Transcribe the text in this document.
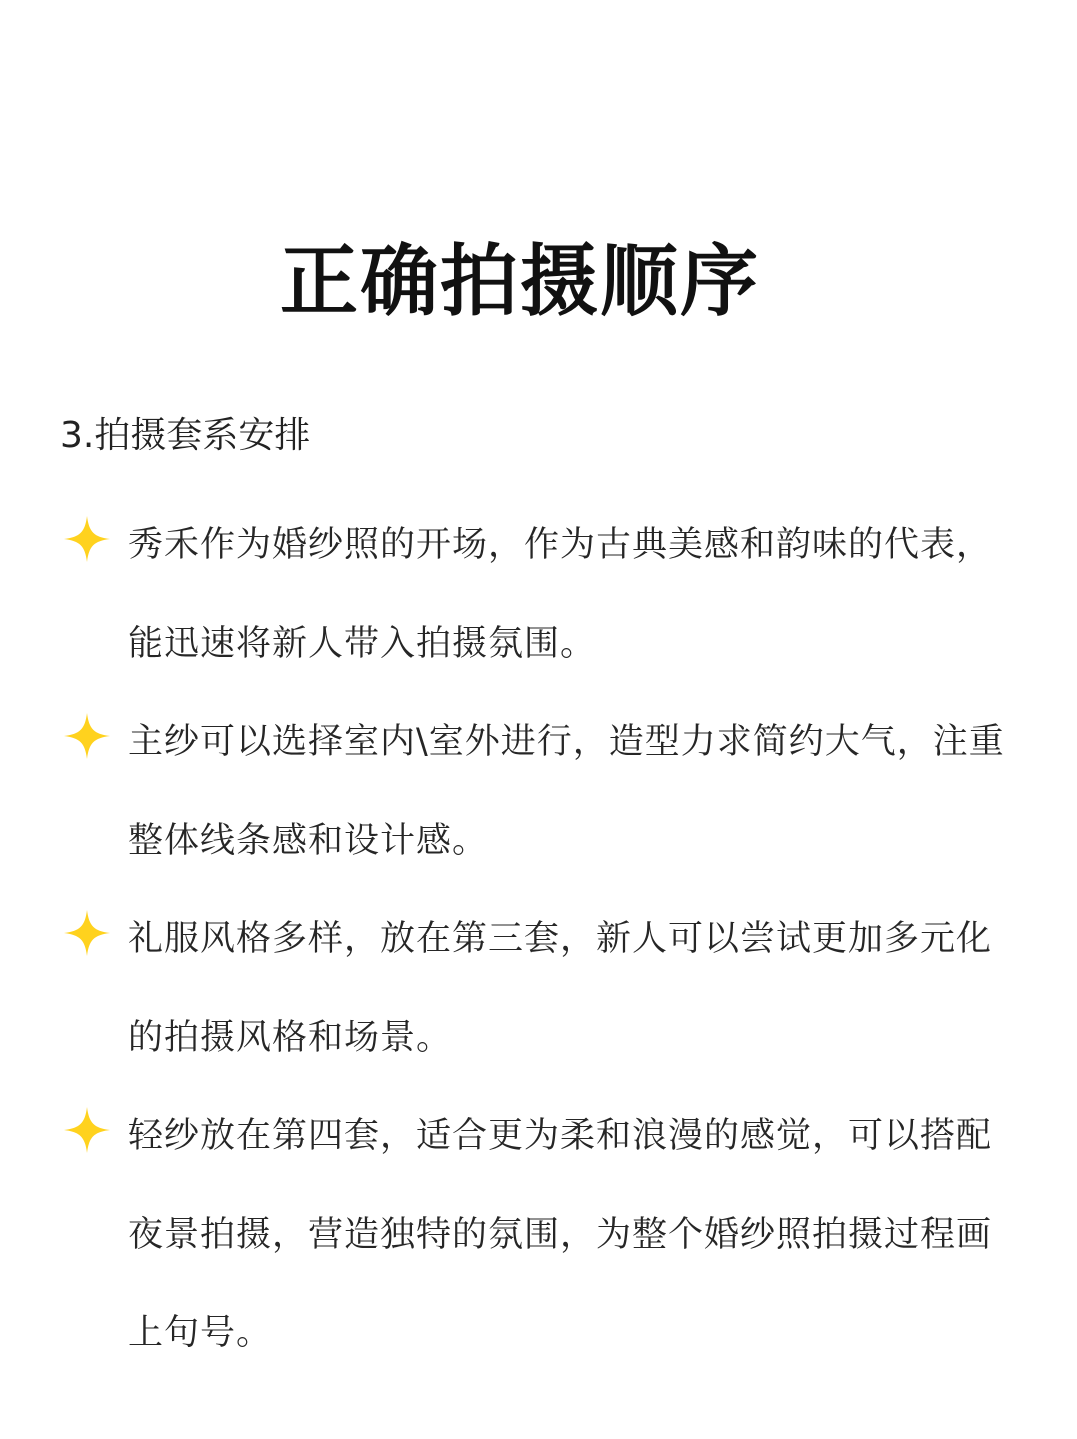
正确拍摄顺序
3.拍摄套系安排
秀禾作为婚纱照的开场，作为古典美感和韵味的代表，能迅速将新人带入拍摄氛围。
主纱可以选择室内\室外进行，造型力求简约大气，注重整体线条感和设计感。
礼服风格多样，放在第三套，新人可以尝试更加多元化的拍摄风格和场景。
轻纱放在第四套，适合更为柔和浪漫的感觉，可以搭配夜景拍摄，营造独特的氛围，为整个婚纱照拍摄过程画上句号。
